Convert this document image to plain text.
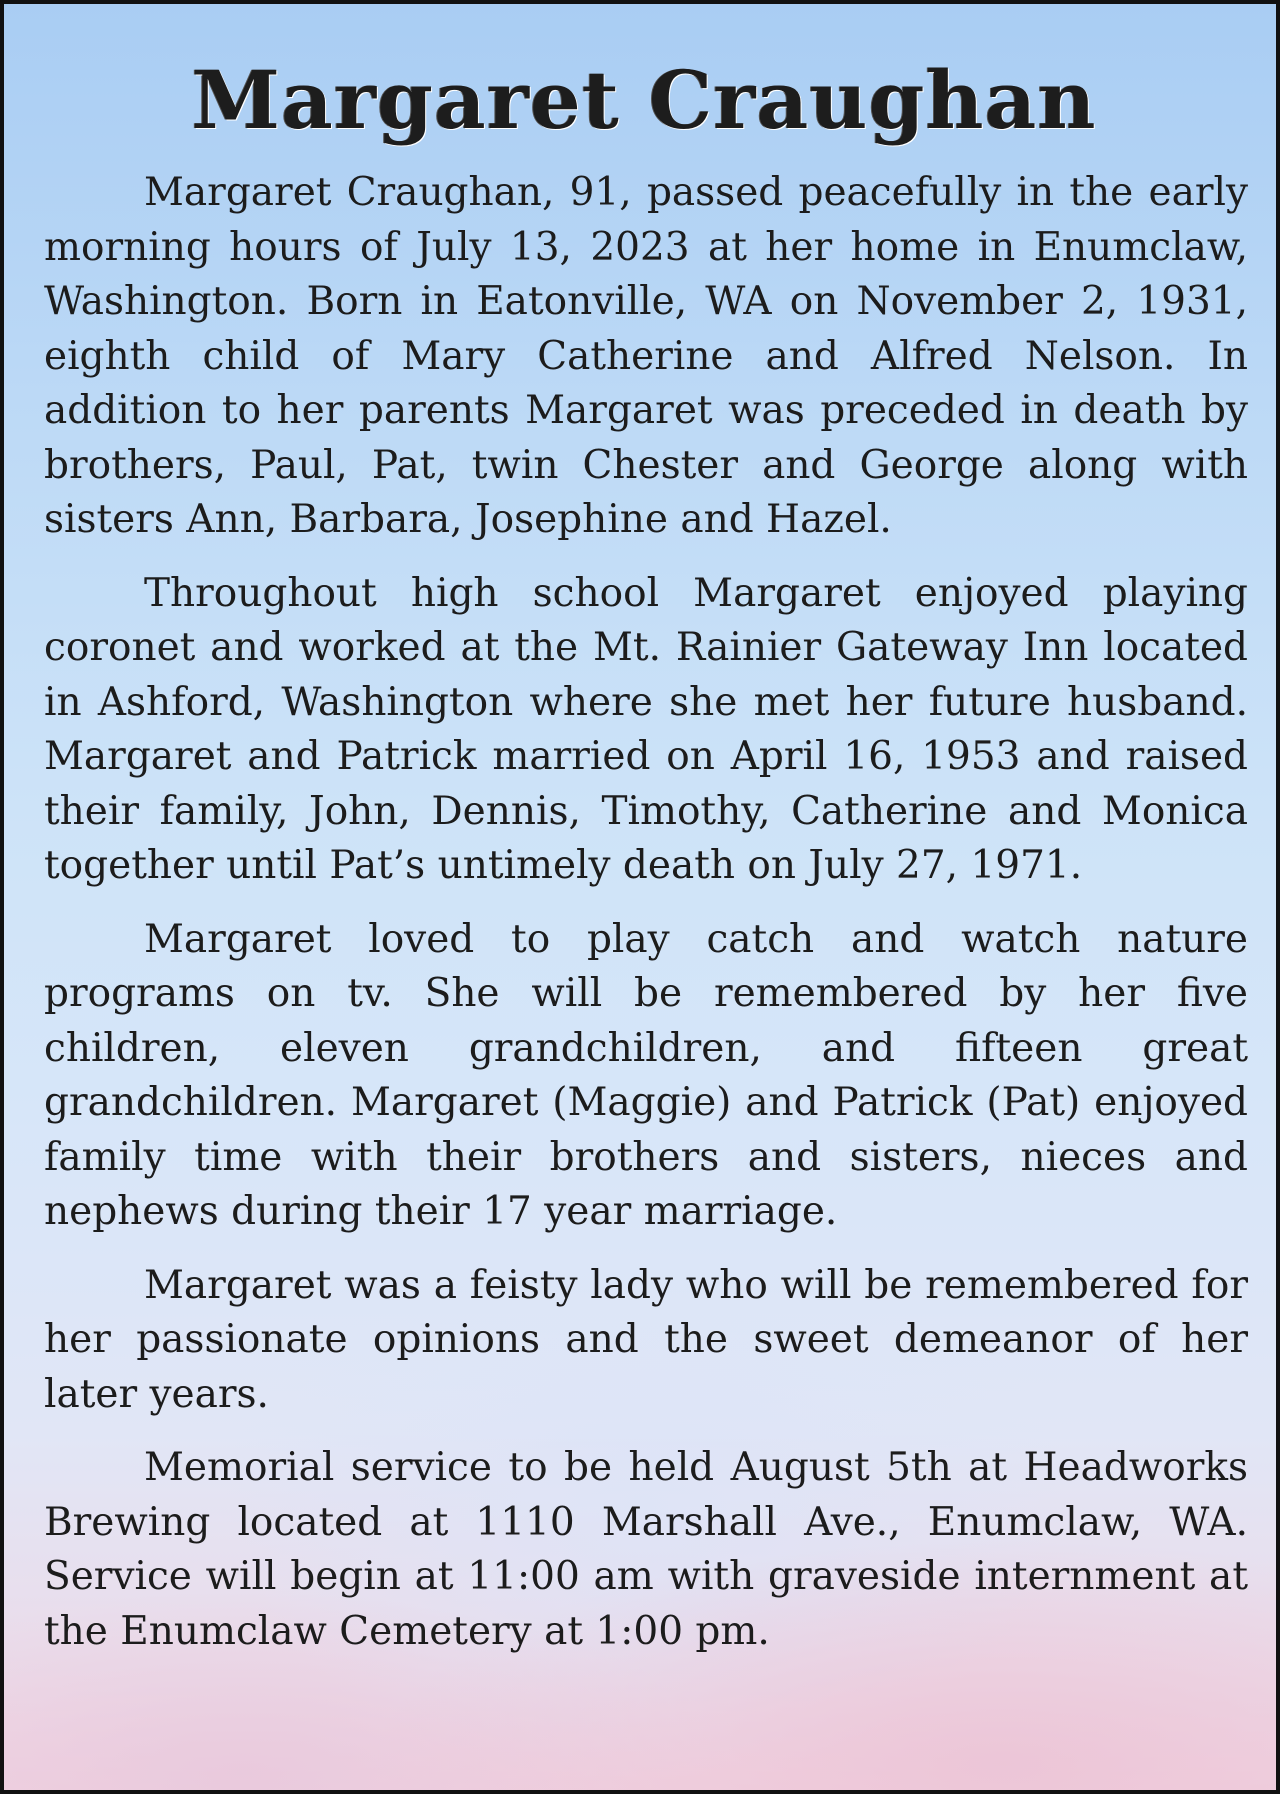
Margaret Craughan

Margaret Craughan, 91, passed peacefully in the early morning hours of July 13, 2023 at her home in Enumclaw, Washington. Born in Eatonville, WA on November 2, 1931, eighth child of Mary Catherine and Alfred Nelson. In addition to her parents Margaret was preceded in death by brothers, Paul, Pat, twin Chester and George along with sisters Ann, Barbara, Josephine and Hazel.

Throughout high school Margaret enjoyed playing coronet and worked at the Mt. Rainier Gateway Inn located in Ashford, Washington where she met her future husband. Margaret and Patrick married on April 16, 1953 and raised their family, John, Dennis, Timothy, Catherine and Monica together until Pat’s untimely death on July 27, 1971.

Margaret loved to play catch and watch nature programs on tv. She will be remembered by her five children, eleven grandchildren, and fifteen great grandchildren. Margaret (Maggie) and Patrick (Pat) enjoyed family time with their brothers and sisters, nieces and nephews during their 17 year marriage.

Margaret was a feisty lady who will be remembered for her passionate opinions and the sweet demeanor of her later years.

Memorial service to be held August 5th at Headworks Brewing located at 1110 Marshall Ave., Enumclaw, WA. Service will begin at 11:00 am with graveside internment at the Enumclaw Cemetery at 1:00 pm.
